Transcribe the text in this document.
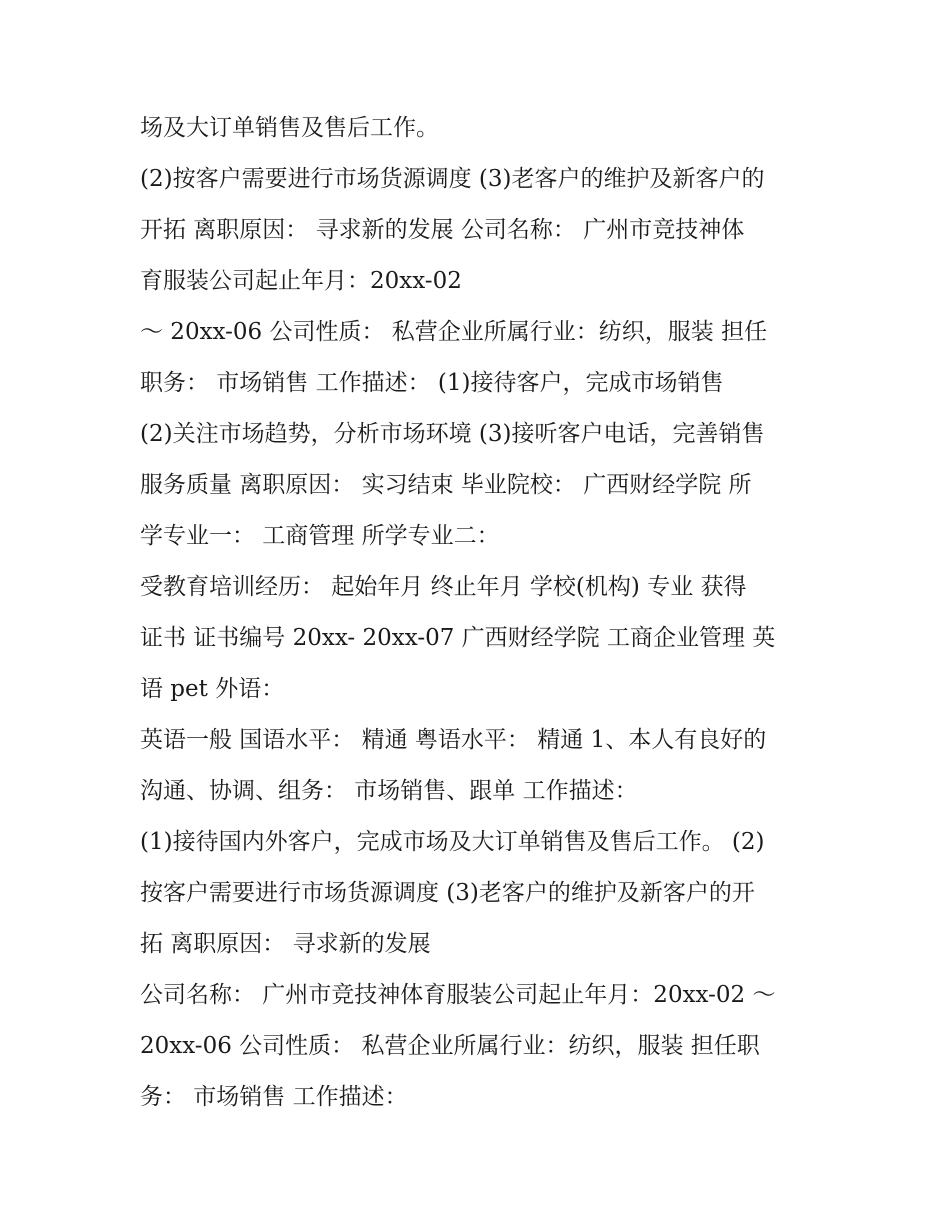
场及大订单销售及售后工作。
(2)按客户需要进行市场货源调度 (3)老客户的维护及新客户的
开拓 离职原因： 寻求新的发展 公司名称： 广州市竞技神体
育服装公司起止年月：20xx-02
～ 20xx-06 公司性质： 私营企业所属行业：纺织，服装 担任
职务： 市场销售 工作描述： (1)接待客户，完成市场销售
(2)关注市场趋势，分析市场环境 (3)接听客户电话，完善销售
服务质量 离职原因： 实习结束 毕业院校： 广西财经学院 所
学专业一： 工商管理 所学专业二：
受教育培训经历： 起始年月 终止年月 学校(机构) 专业 获得
证书 证书编号 20xx- 20xx-07 广西财经学院 工商企业管理 英
语 pet 外语：
英语一般 国语水平： 精通 粤语水平： 精通 1、本人有良好的
沟通、协调、组务： 市场销售、跟单 工作描述：
(1)接待国内外客户，完成市场及大订单销售及售后工作。 (2)
按客户需要进行市场货源调度 (3)老客户的维护及新客户的开
拓 离职原因： 寻求新的发展
公司名称： 广州市竞技神体育服装公司起止年月：20xx-02 ～
20xx-06 公司性质： 私营企业所属行业：纺织，服装 担任职
务： 市场销售 工作描述：
